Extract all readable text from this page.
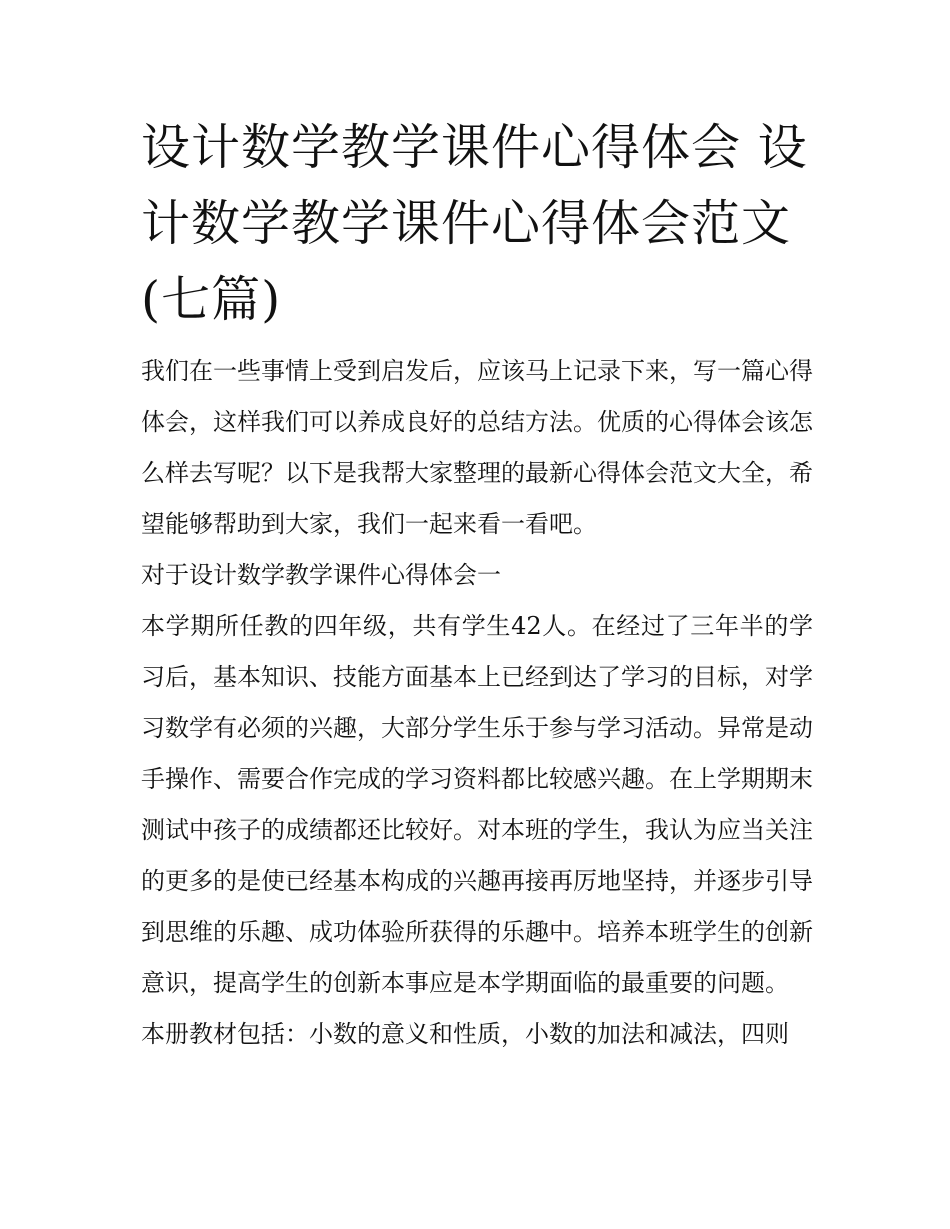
设计数学教学课件心得体会 设计数学教学课件心得体会范文(七篇)

我们在一些事情上受到启发后，应该马上记录下来，写一篇心得体会，这样我们可以养成良好的总结方法。优质的心得体会该怎么样去写呢？以下是我帮大家整理的最新心得体会范文大全，希望能够帮助到大家，我们一起来看一看吧。

对于设计数学教学课件心得体会一

本学期所任教的四年级，共有学生42人。在经过了三年半的学习后，基本知识、技能方面基本上已经到达了学习的目标，对学习数学有必须的兴趣，大部分学生乐于参与学习活动。异常是动手操作、需要合作完成的学习资料都比较感兴趣。在上学期期末测试中孩子的成绩都还比较好。对本班的学生，我认为应当关注的更多的是使已经基本构成的兴趣再接再厉地坚持，并逐步引导到思维的乐趣、成功体验所获得的乐趣中。培养本班学生的创新意识，提高学生的创新本事应是本学期面临的最重要的问题。

本册教材包括：小数的意义和性质，小数的加法和减法，四则
